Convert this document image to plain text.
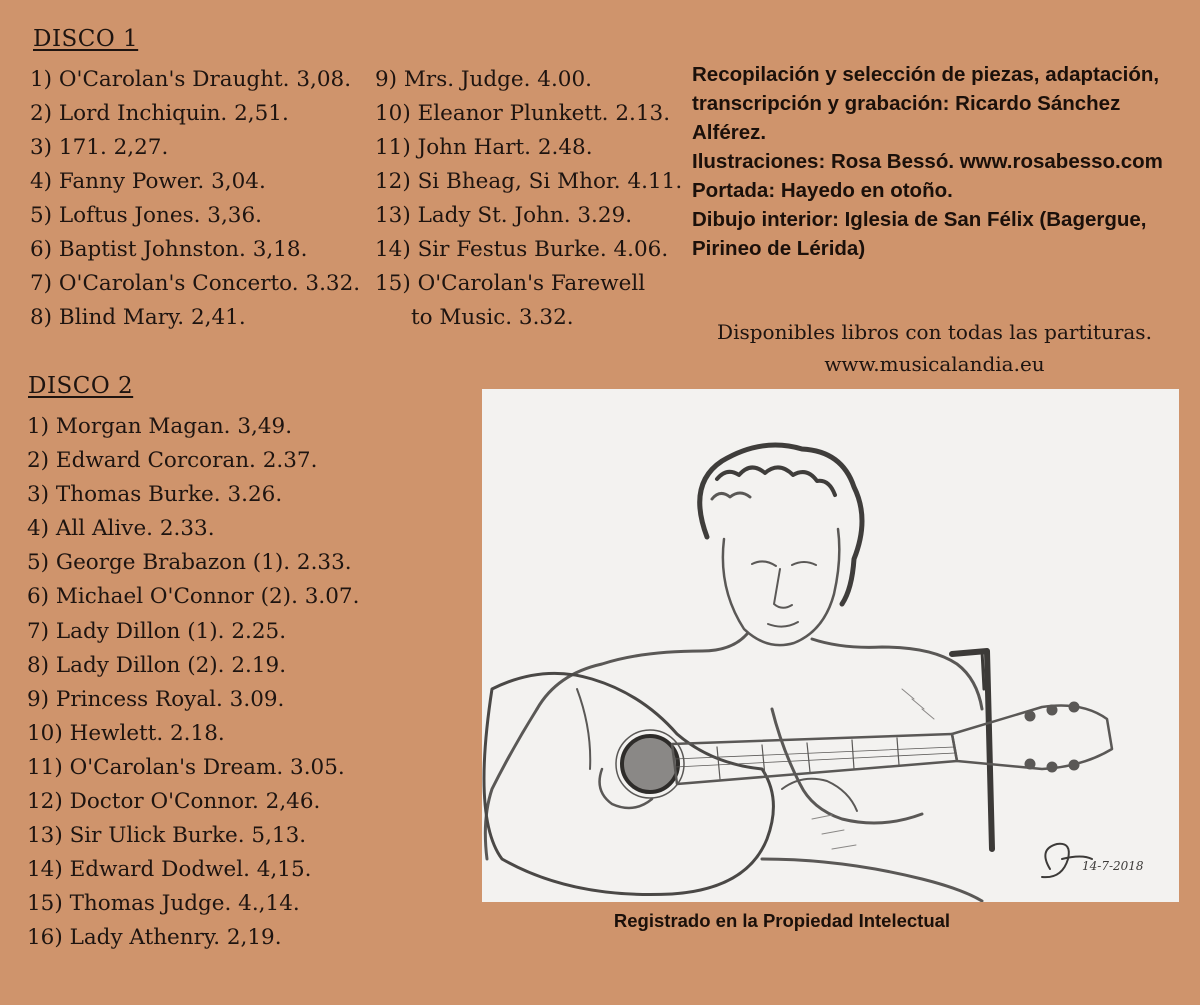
DISCO 1
1) O'Carolan's Draught. 3,08.
2) Lord Inchiquin. 2,51.
3) 171. 2,27.
4) Fanny Power. 3,04.
5) Loftus Jones. 3,36.
6) Baptist Johnston. 3,18.
7) O'Carolan's Concerto. 3.32.
8) Blind Mary. 2,41.
9) Mrs. Judge. 4.00.
10) Eleanor Plunkett. 2.13.
11) John Hart. 2.48.
12) Si Bheag, Si Mhor. 4.11.
13) Lady St. John. 3.29.
14) Sir Festus Burke. 4.06.
15) O'Carolan's Farewell
to Music. 3.32.
DISCO 2
1) Morgan Magan. 3,49.
2) Edward Corcoran. 2.37.
3) Thomas Burke. 3.26.
4) All Alive. 2.33.
5) George Brabazon (1). 2.33.
6) Michael O'Connor (2). 3.07.
7) Lady Dillon (1). 2.25.
8) Lady Dillon (2). 2.19.
9) Princess Royal. 3.09.
10) Hewlett. 2.18.
11) O'Carolan's Dream. 3.05.
12) Doctor O'Connor. 2,46.
13) Sir Ulick Burke. 5,13.
14) Edward Dodwel. 4,15.
15) Thomas Judge. 4.,14.
16) Lady Athenry. 2,19.
Recopilación y selección de piezas, adaptación, transcripción y grabación: Ricardo Sánchez Alférez.
Ilustraciones: Rosa Bessó. www.rosabesso.com
Portada: Hayedo en otoño.
Dibujo interior: Iglesia de San Félix (Bagergue, Pirineo de Lérida)
Disponibles libros con todas las partituras.
www.musicalandia.eu
14-7-2018
Registrado en la Propiedad Intelectual
